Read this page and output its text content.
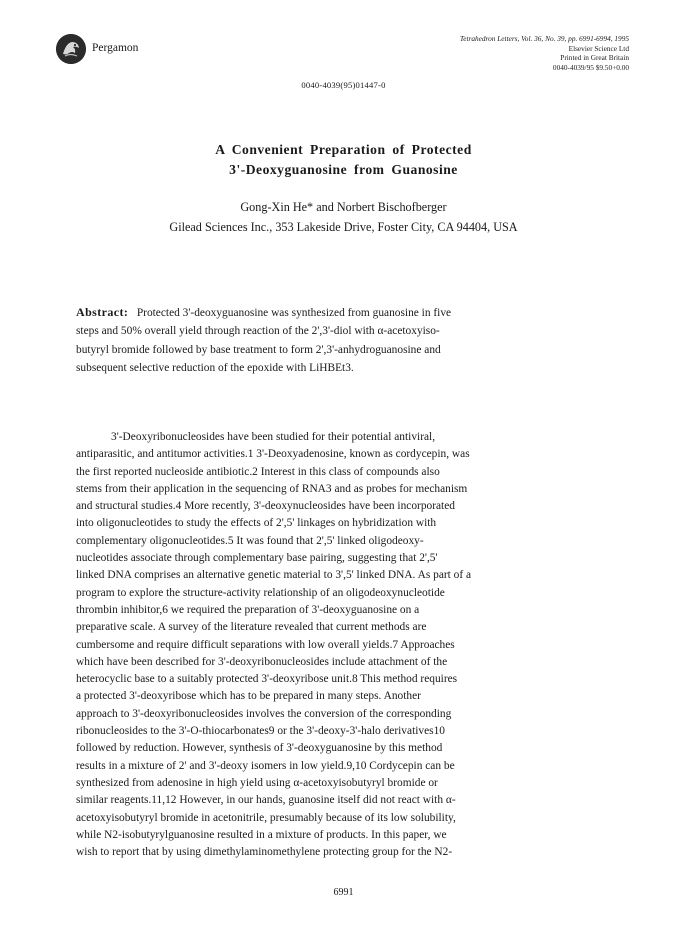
Pergamon
Tetrahedron Letters, Vol. 36, No. 39, pp. 6991-6994, 1995
Elsevier Science Ltd
Printed in Great Britain
0040-4039/95 $9.50+0.00
0040-4039(95)01447-0
A Convenient Preparation of Protected
3'-Deoxyguanosine from Guanosine
Gong-Xin He* and Norbert Bischofberger
Gilead Sciences Inc., 353 Lakeside Drive, Foster City, CA 94404, USA
Abstract: Protected 3'-deoxyguanosine was synthesized from guanosine in five
steps and 50% overall yield through reaction of the 2',3'-diol with α-acetoxyiso-
butyryl bromide followed by base treatment to form 2',3'-anhydroguanosine and
subsequent selective reduction of the epoxide with LiHBEt3.
3'-Deoxyribonucleosides have been studied for their potential antiviral,
antiparasitic, and antitumor activities.1 3'-Deoxyadenosine, known as cordycepin, was
the first reported nucleoside antibiotic.2 Interest in this class of compounds also
stems from their application in the sequencing of RNA3 and as probes for mechanism
and structural studies.4 More recently, 3'-deoxynucleosides have been incorporated
into oligonucleotides to study the effects of 2',5' linkages on hybridization with
complementary oligonucleotides.5 It was found that 2',5' linked oligodeoxy-
nucleotides associate through complementary base pairing, suggesting that 2',5'
linked DNA comprises an alternative genetic material to 3',5' linked DNA. As part of a
program to explore the structure-activity relationship of an oligodeoxynucleotide
thrombin inhibitor,6 we required the preparation of 3'-deoxyguanosine on a
preparative scale. A survey of the literature revealed that current methods are
cumbersome and require difficult separations with low overall yields.7 Approaches
which have been described for 3'-deoxyribonucleosides include attachment of the
heterocyclic base to a suitably protected 3'-deoxyribose unit.8 This method requires
a protected 3'-deoxyribose which has to be prepared in many steps. Another
approach to 3'-deoxyribonucleosides involves the conversion of the corresponding
ribonucleosides to the 3'-O-thiocarbonates9 or the 3'-deoxy-3'-halo derivatives10
followed by reduction. However, synthesis of 3'-deoxyguanosine by this method
results in a mixture of 2' and 3'-deoxy isomers in low yield.9,10 Cordycepin can be
synthesized from adenosine in high yield using α-acetoxyisobutyryl bromide or
similar reagents.11,12 However, in our hands, guanosine itself did not react with α-
acetoxyisobutyryl bromide in acetonitrile, presumably because of its low solubility,
while N2-isobutyrylguanosine resulted in a mixture of products. In this paper, we
wish to report that by using dimethylaminomethylene protecting group for the N2-
6991
